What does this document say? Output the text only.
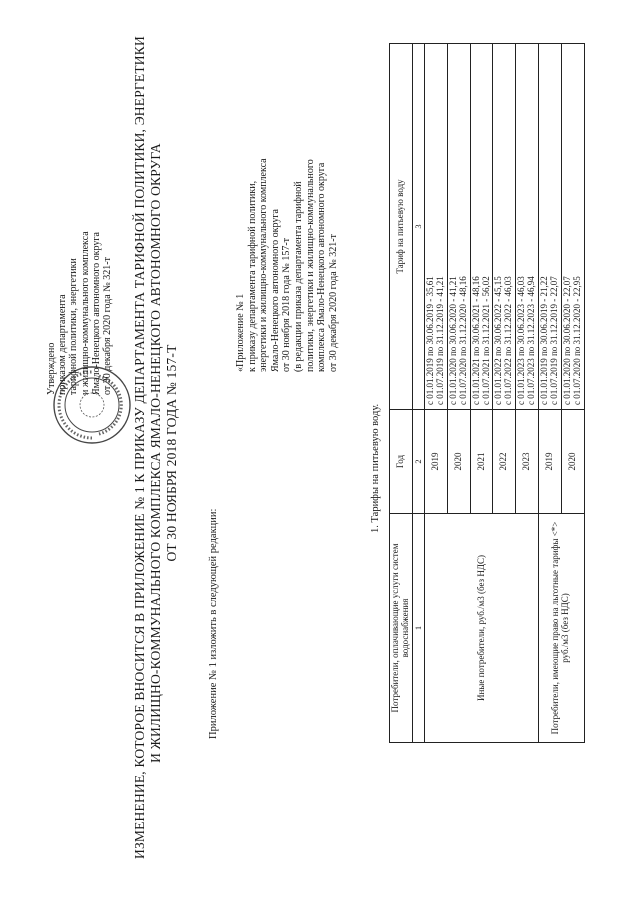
Утверждено приказом департамента тарифной политики, энергетики и жилищно-коммунального комплекса Ямало-Ненецкого автономного округа от 30 декабря 2020 года № 321-т ИЗМЕНЕНИЕ, КОТОРОЕ ВНОСИТСЯ В ПРИЛОЖЕНИЕ № 1 К ПРИКАЗУ ДЕПАРТАМЕНТА ТАРИФНОЙ ПОЛИТИКИ, ЭНЕРГЕТИКИ И ЖИЛИЩНО-КОММУНАЛЬНОГО КОМПЛЕКСА ЯМАЛО-НЕНЕЦКОГО АВТОНОМНОГО ОКРУГА ОТ 30 НОЯБРЯ 2018 ГОДА № 157-Т
Приложение № 1 изложить в следующей редакции:
«Приложение № 1 к приказу департамента тарифной политики, энергетики и жилищно-коммунального комплекса Ямало-Ненецкого автономного округа от 30 ноября 2018 года № 157-т (в редакции приказа департамента тарифной политики, энергетики и жилищно-коммунального комплекса Ямало-Ненецкого автономного округа от 30 декабря 2020 года № 321-т
1. Тарифы на питьевую воду.
Потребители, оплачивающие услуги систем водоснабжения	Год	Тариф на питьевую воду
1	2	3
Иные потребители, руб./м3 (без НДС)	2019	с 01.01.2019 по 30.06.2019 - 35,61 с 01.07.2019 по 31.12.2019 - 41,21

	2020	с 01.01.2020 по 30.06.2020 - 41,21 с 01.07.2020 по 31.12.2020 - 48,16

	2021	с 01.01.2021 по 30.06.2021 - 48,16 с 01.07.2021 по 31.12.2021 - 56,02

	2022	с 01.01.2022 по 30.06.2022 - 45,15 с 01.07.2022 по 31.12.2022 - 46,03

	2023	с 01.01.2023 по 30.06.2023 - 46,03 с 01.07.2023 по 31.12.2023 - 46,94

Потребители, имеющие право на льготные тарифы <*> руб./м3 (без НДС)	2019	с 01.01.2019 по 30.06.2019 - 21,22 с 01.07.2019 по 31.12.2019 - 22,07

	2020	с 01.01.2020 по 30.06.2020 - 22,07 с 01.07.2020 по 31.12.2020 - 22,95
